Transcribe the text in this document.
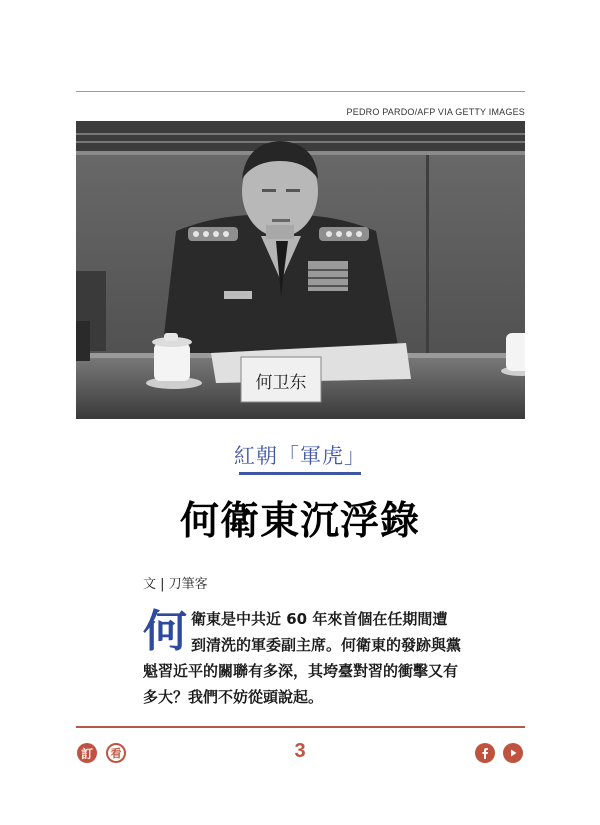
PEDRO PARDO/AFP VIA GETTY IMAGES
何卫东
紅朝「軍虎」
何衛東沉浮錄
文 | 刀筆客
何 衛東是中共近 60 年來首個在任期間遭到清洗的軍委副主席。何衛東的發跡與黨魁習近平的關聯有多深，其垮臺對習的衝擊又有多大？我們不妨從頭說起。
訂 看	3
